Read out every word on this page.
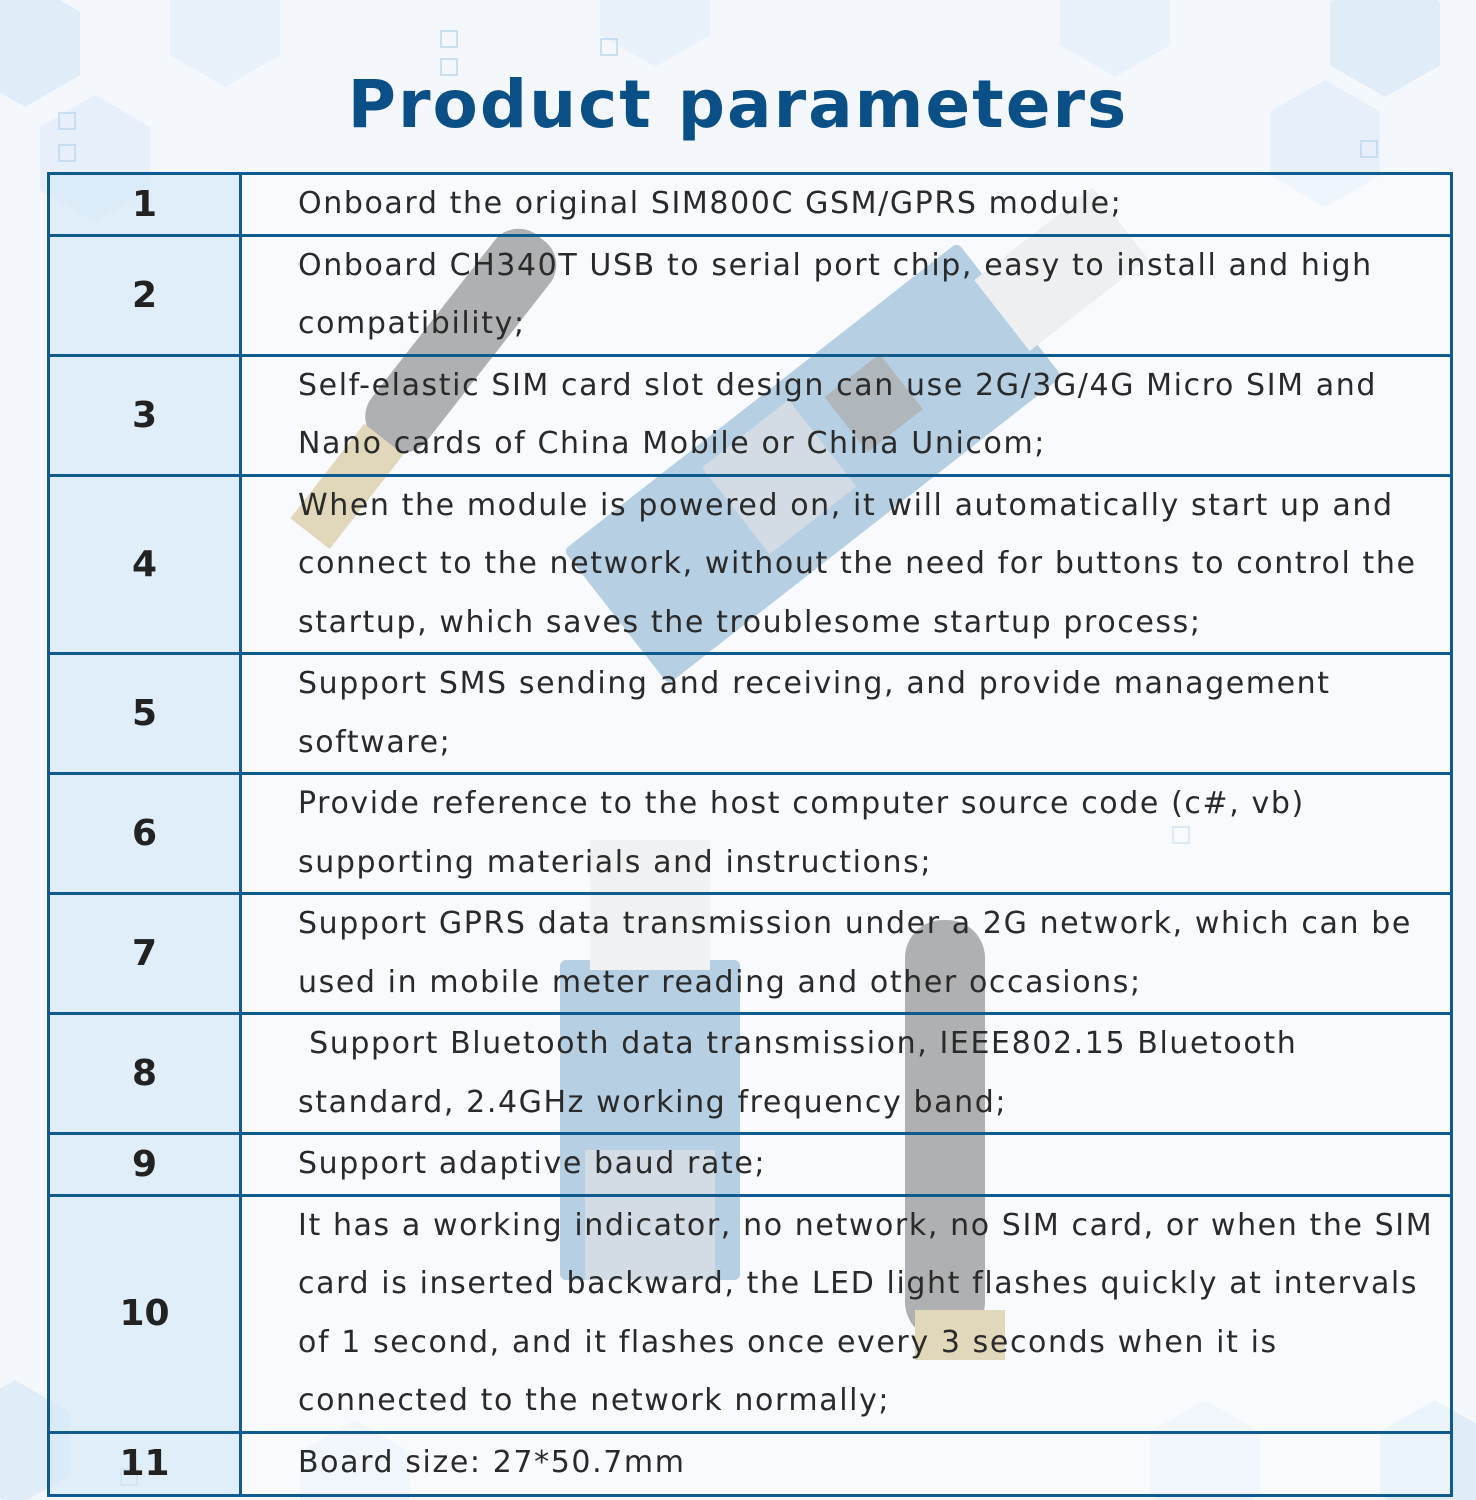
Product parameters
1	Onboard the original SIM800C GSM/GPRS module;
2	Onboard CH340T USB to serial port chip, easy to install and high compatibility;
3	Self-elastic SIM card slot design can use 2G/3G/4G Micro SIM and Nano cards of China Mobile or China Unicom;
4	When the module is powered on, it will automatically start up and connect to the network, without the need for buttons to control the startup, which saves the troublesome startup process;
5	Support SMS sending and receiving, and provide management software;
6	Provide reference to the host computer source code (c#, vb) supporting materials and instructions;
7	Support GPRS data transmission under a 2G network, which can be used in mobile meter reading and other occasions;
8	Support Bluetooth data transmission, IEEE802.15 Bluetooth standard, 2.4GHz working frequency band;
9	Support adaptive baud rate;
10	It has a working indicator, no network, no SIM card, or when the SIM card is inserted backward, the LED light flashes quickly at intervals of 1 second, and it flashes once every 3 seconds when it is connected to the network normally;
11	Board size: 27*50.7mm
